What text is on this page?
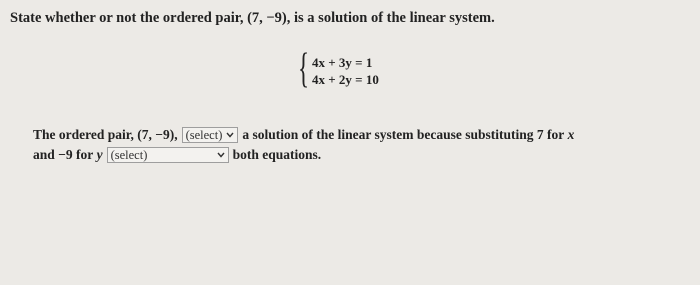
State whether or not the ordered pair, (7, −9), is a solution of the linear system.
{ 4x + 3y = 1
4x + 2y = 10
The ordered pair, (7, −9), (select) a solution of the linear system because substituting 7 for
x
and −9 for
y (select)	both equations.
